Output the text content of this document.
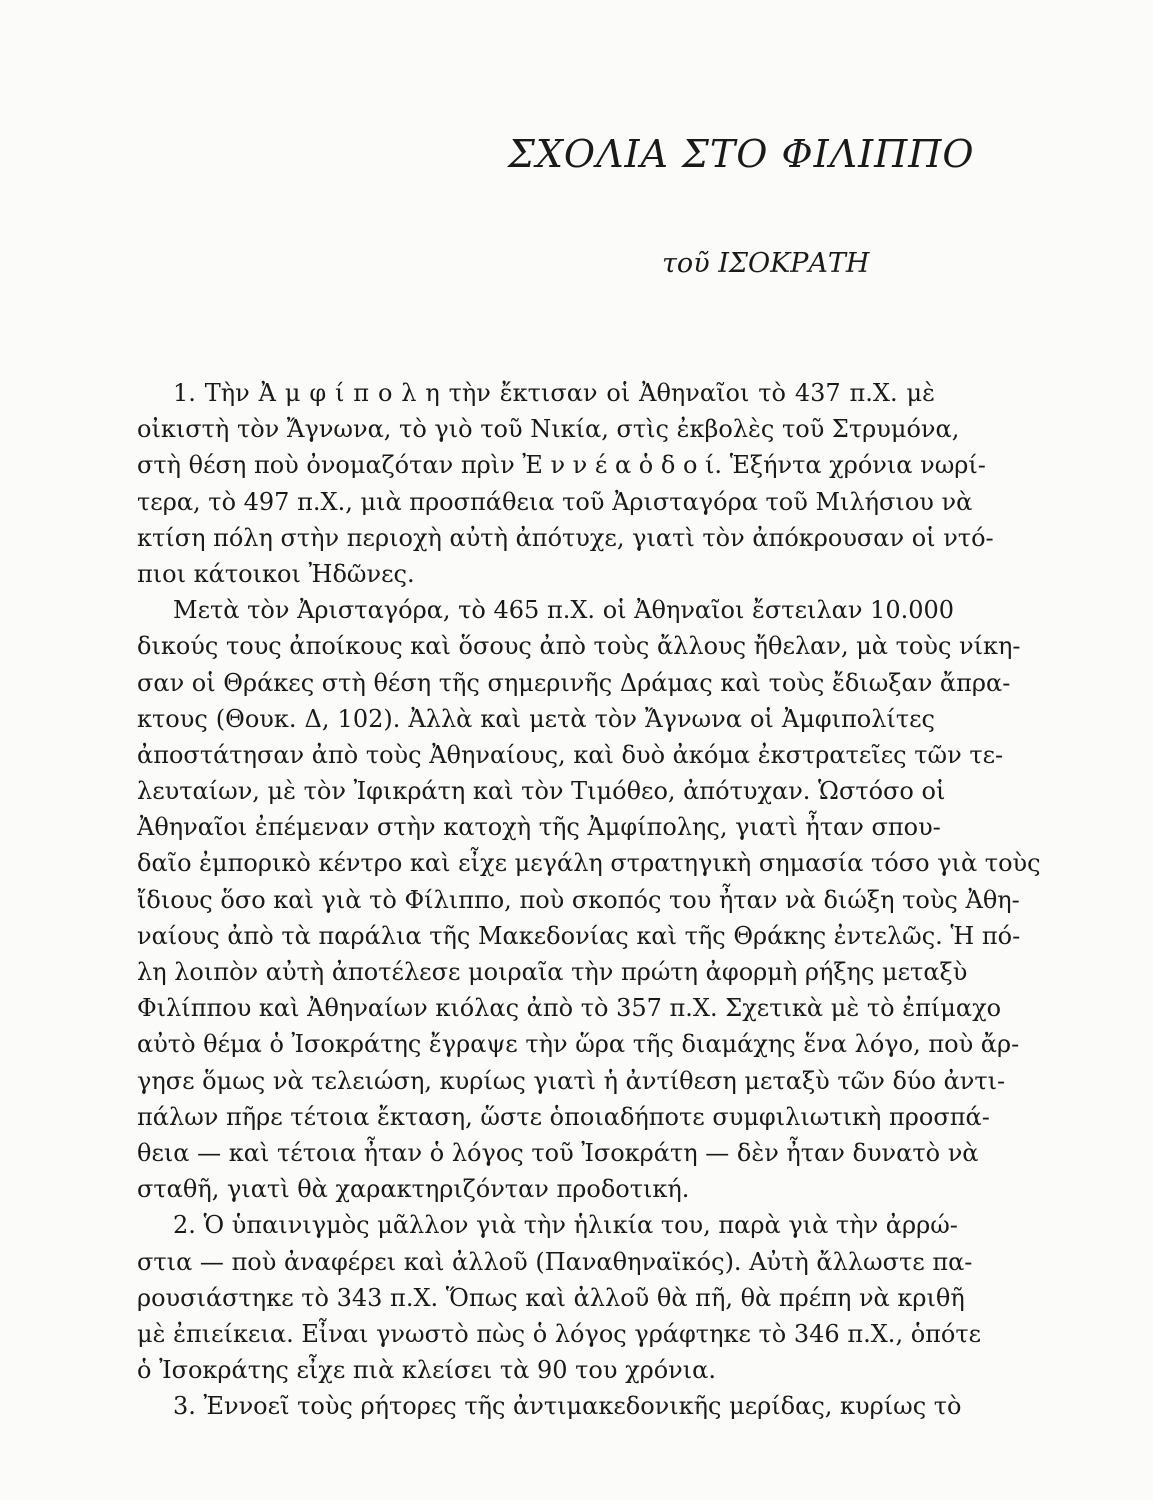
ΣΧΟΛΙΑ ΣΤΟ ΦΙΛΙΠΠΟ
τοῦ ΙΣΟΚΡΑΤΗ
1. Τὴν Ἀ μ φ ί π ο λ η τὴν ἔκτισαν οἱ Ἀθηναῖοι τὸ 437 π.Χ. μὲ
οἰκιστὴ τὸν Ἄγνωνα, τὸ γιὸ τοῦ Νικία, στὶς ἐκβολὲς τοῦ Στρυμόνα,
στὴ θέση ποὺ ὀνομαζόταν πρὶν Ἐ ν ν έ α ὁ δ ο ί. Ἑξήντα χρόνια νωρί-
τερα, τὸ 497 π.Χ., μιὰ προσπάθεια τοῦ Ἀρισταγόρα τοῦ Μιλήσιου νὰ
κτίση πόλη στὴν περιοχὴ αὐτὴ ἀπότυχε, γιατὶ τὸν ἀπόκρουσαν οἱ ντό-
πιοι κάτοικοι Ἠδῶνες.
Μετὰ τὸν Ἀρισταγόρα, τὸ 465 π.Χ. οἱ Ἀθηναῖοι ἔστειλαν 10.000
δικούς τους ἀποίκους καὶ ὅσους ἀπὸ τοὺς ἄλλους ἤθελαν, μὰ τοὺς νίκη-
σαν οἱ Θράκες στὴ θέση τῆς σημερινῆς Δράμας καὶ τοὺς ἔδιωξαν ἄπρα-
κτους (Θουκ. Δ, 102). Ἀλλὰ καὶ μετὰ τὸν Ἄγνωνα οἱ Ἀμφιπολίτες
ἀποστάτησαν ἀπὸ τοὺς Ἀθηναίους, καὶ δυὸ ἀκόμα ἐκστρατεῖες τῶν τε-
λευταίων, μὲ τὸν Ἰφικράτη καὶ τὸν Τιμόθεο, ἀπότυχαν. Ὡστόσο οἱ
Ἀθηναῖοι ἐπέμεναν στὴν κατοχὴ τῆς Ἀμφίπολης, γιατὶ ἦταν σπου-
δαῖο ἐμπορικὸ κέντρο καὶ εἶχε μεγάλη στρατηγικὴ σημασία τόσο γιὰ τοὺς
ἴδιους ὅσο καὶ γιὰ τὸ Φίλιππο, ποὺ σκοπός του ἦταν νὰ διώξη τοὺς Ἀθη-
ναίους ἀπὸ τὰ παράλια τῆς Μακεδονίας καὶ τῆς Θράκης ἐντελῶς. Ἡ πό-
λη λοιπὸν αὐτὴ ἀποτέλεσε μοιραῖα τὴν πρώτη ἀφορμὴ ρήξης μεταξὺ
Φιλίππου καὶ Ἀθηναίων κιόλας ἀπὸ τὸ 357 π.Χ. Σχετικὰ μὲ τὸ ἐπίμαχο
αὐτὸ θέμα ὁ Ἰσοκράτης ἔγραψε τὴν ὥρα τῆς διαμάχης ἕνα λόγο, ποὺ ἄρ-
γησε ὅμως νὰ τελειώση, κυρίως γιατὶ ἡ ἀντίθεση μεταξὺ τῶν δύο ἀντι-
πάλων πῆρε τέτοια ἔκταση, ὥστε ὁποιαδήποτε συμφιλιωτικὴ προσπά-
θεια — καὶ τέτοια ἦταν ὁ λόγος τοῦ Ἰσοκράτη — δὲν ἦταν δυνατὸ νὰ
σταθῆ, γιατὶ θὰ χαρακτηριζόνταν προδοτική.
2. Ὁ ὑπαινιγμὸς μᾶλλον γιὰ τὴν ἡλικία του, παρὰ γιὰ τὴν ἀρρώ-
στια — ποὺ ἀναφέρει καὶ ἀλλοῦ (Παναθηναϊκός). Αὐτὴ ἄλλωστε πα-
ρουσιάστηκε τὸ 343 π.Χ. Ὅπως καὶ ἀλλοῦ θὰ πῆ, θὰ πρέπη νὰ κριθῆ
μὲ ἐπιείκεια. Εἶναι γνωστὸ πὼς ὁ λόγος γράφτηκε τὸ 346 π.Χ., ὁπότε
ὁ Ἰσοκράτης εἶχε πιὰ κλείσει τὰ 90 του χρόνια.
3. Ἐννοεῖ τοὺς ρήτορες τῆς ἀντιμακεδονικῆς μερίδας, κυρίως τὸ
